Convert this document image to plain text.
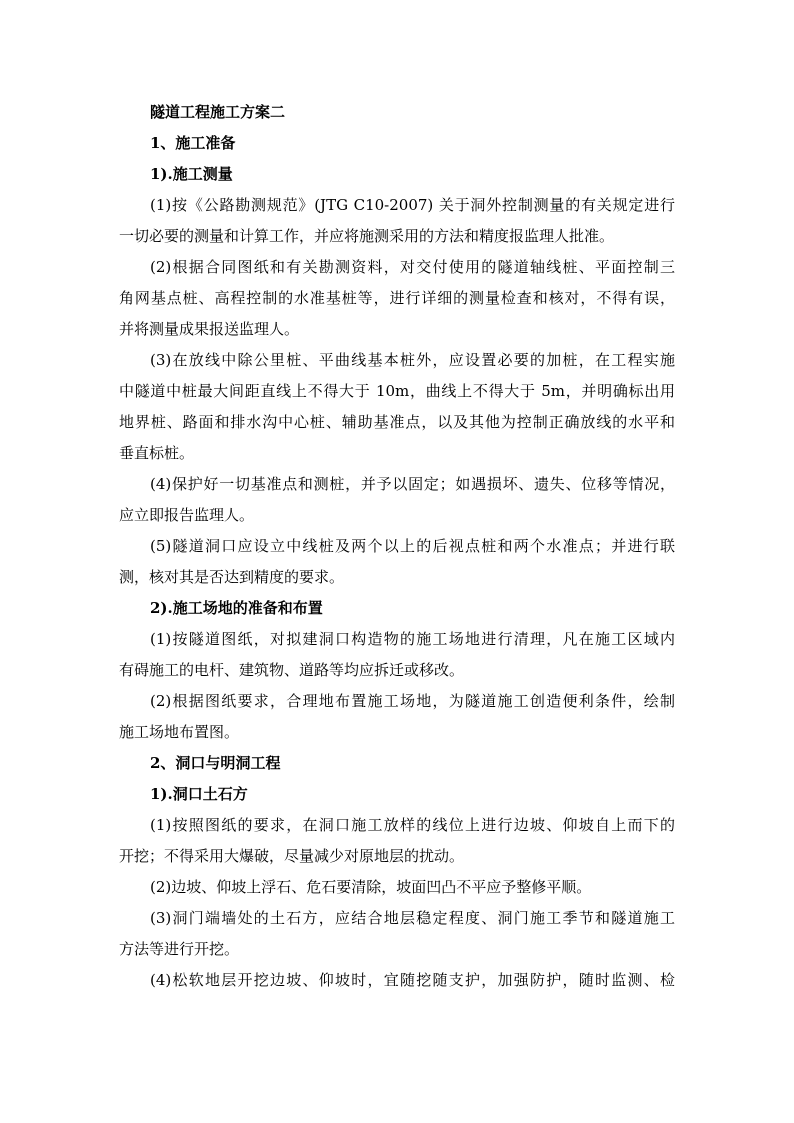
隧道工程施工方案二
1、施工准备
1).施工测量
(1)按《公路勘测规范》(JTG C10-2007) 关于洞外控制测量的有关规定进行
一切必要的测量和计算工作，并应将施测采用的方法和精度报监理人批准。
(2)根据合同图纸和有关勘测资料，对交付使用的隧道轴线桩、平面控制三
角网基点桩、高程控制的水准基桩等，进行详细的测量检查和核对，不得有误，
并将测量成果报送监理人。
(3)在放线中除公里桩、平曲线基本桩外，应设置必要的加桩，在工程实施
中隧道中桩最大间距直线上不得大于 10m，曲线上不得大于 5m，并明确标出用
地界桩、路面和排水沟中心桩、辅助基准点，以及其他为控制正确放线的水平和
垂直标桩。
(4)保护好一切基准点和测桩，并予以固定；如遇损坏、遗失、位移等情况，
应立即报告监理人。
(5)隧道洞口应设立中线桩及两个以上的后视点桩和两个水准点；并进行联
测，核对其是否达到精度的要求。
2).施工场地的准备和布置
(1)按隧道图纸，对拟建洞口构造物的施工场地进行清理，凡在施工区域内
有碍施工的电杆、建筑物、道路等均应拆迁或移改。
(2)根据图纸要求，合理地布置施工场地，为隧道施工创造便利条件，绘制
施工场地布置图。
2、洞口与明洞工程
1).洞口土石方
(1)按照图纸的要求，在洞口施工放样的线位上进行边坡、仰坡自上而下的
开挖；不得采用大爆破，尽量减少对原地层的扰动。
(2)边坡、仰坡上浮石、危石要清除，坡面凹凸不平应予整修平顺。
(3)洞门端墙处的土石方，应结合地层稳定程度、洞门施工季节和隧道施工
方法等进行开挖。
(4)松软地层开挖边坡、仰坡时，宜随挖随支护，加强防护，随时监测、检
